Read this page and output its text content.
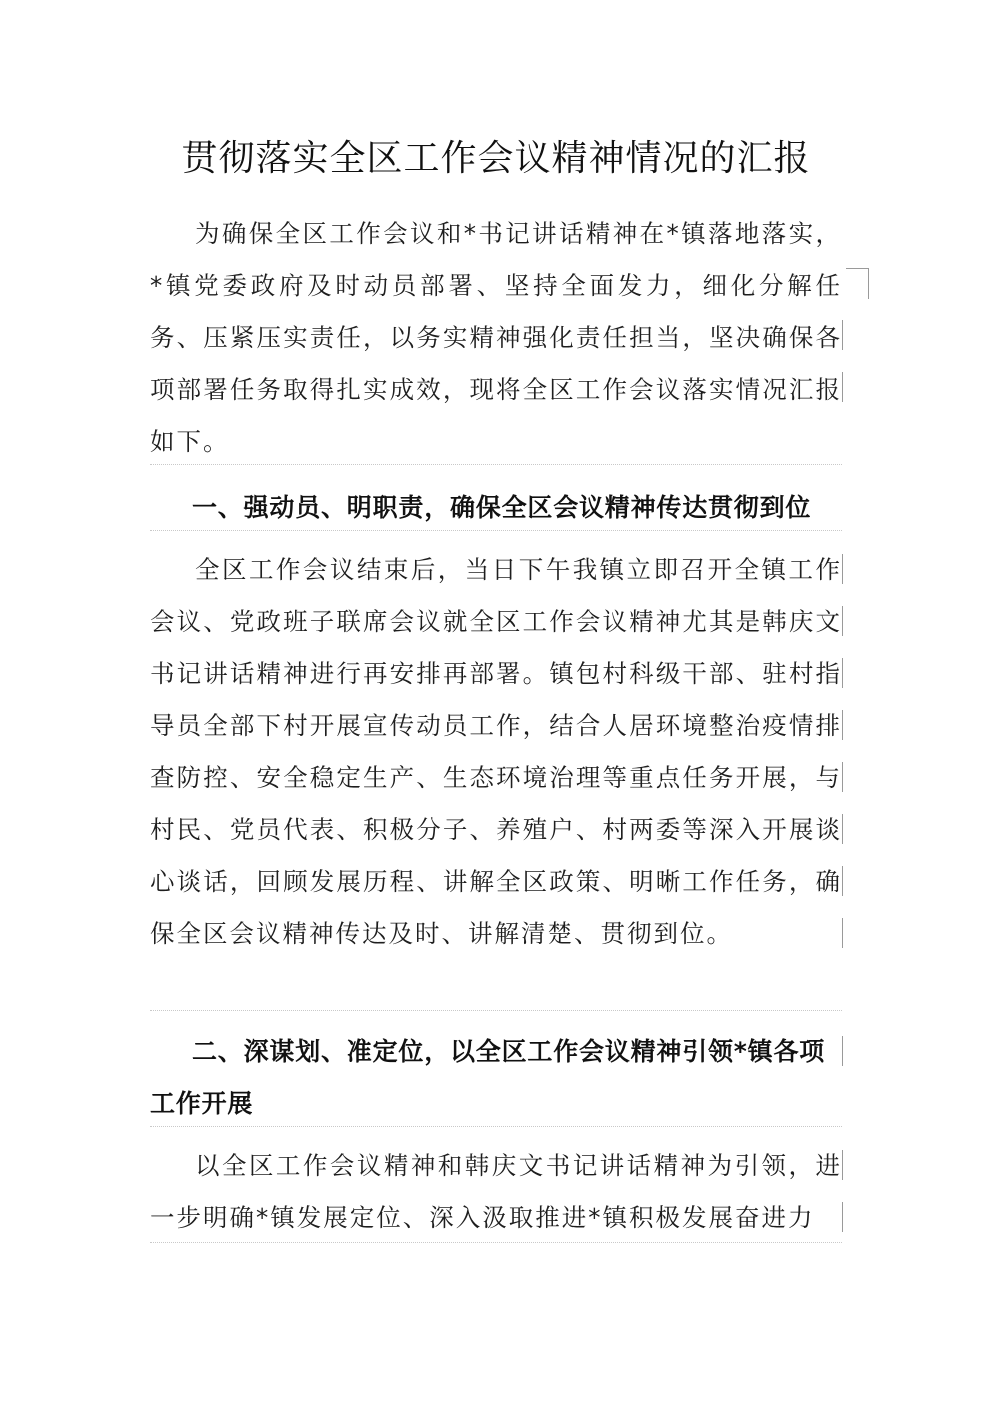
贯彻落实全区工作会议精神情况的汇报

为确保全区工作会议和*书记讲话精神在*镇落地落实，*镇党委政府及时动员部署、坚持全面发力，细化分解任务、压紧压实责任，以务实精神强化责任担当，坚决确保各项部署任务取得扎实成效，现将全区工作会议落实情况汇报如下。

一、强动员、明职责，确保全区会议精神传达贯彻到位

全区工作会议结束后，当日下午我镇立即召开全镇工作会议、党政班子联席会议就全区工作会议精神尤其是韩庆文书记讲话精神进行再安排再部署。镇包村科级干部、驻村指导员全部下村开展宣传动员工作，结合人居环境整治疫情排查防控、安全稳定生产、生态环境治理等重点任务开展，与村民、党员代表、积极分子、养殖户、村两委等深入开展谈心谈话，回顾发展历程、讲解全区政策、明晰工作任务，确保全区会议精神传达及时、讲解清楚、贯彻到位。

二、深谋划、准定位，以全区工作会议精神引领*镇各项工作开展

以全区工作会议精神和韩庆文书记讲话精神为引领，进一步明确*镇发展定位、深入汲取推进*镇积极发展奋进力
